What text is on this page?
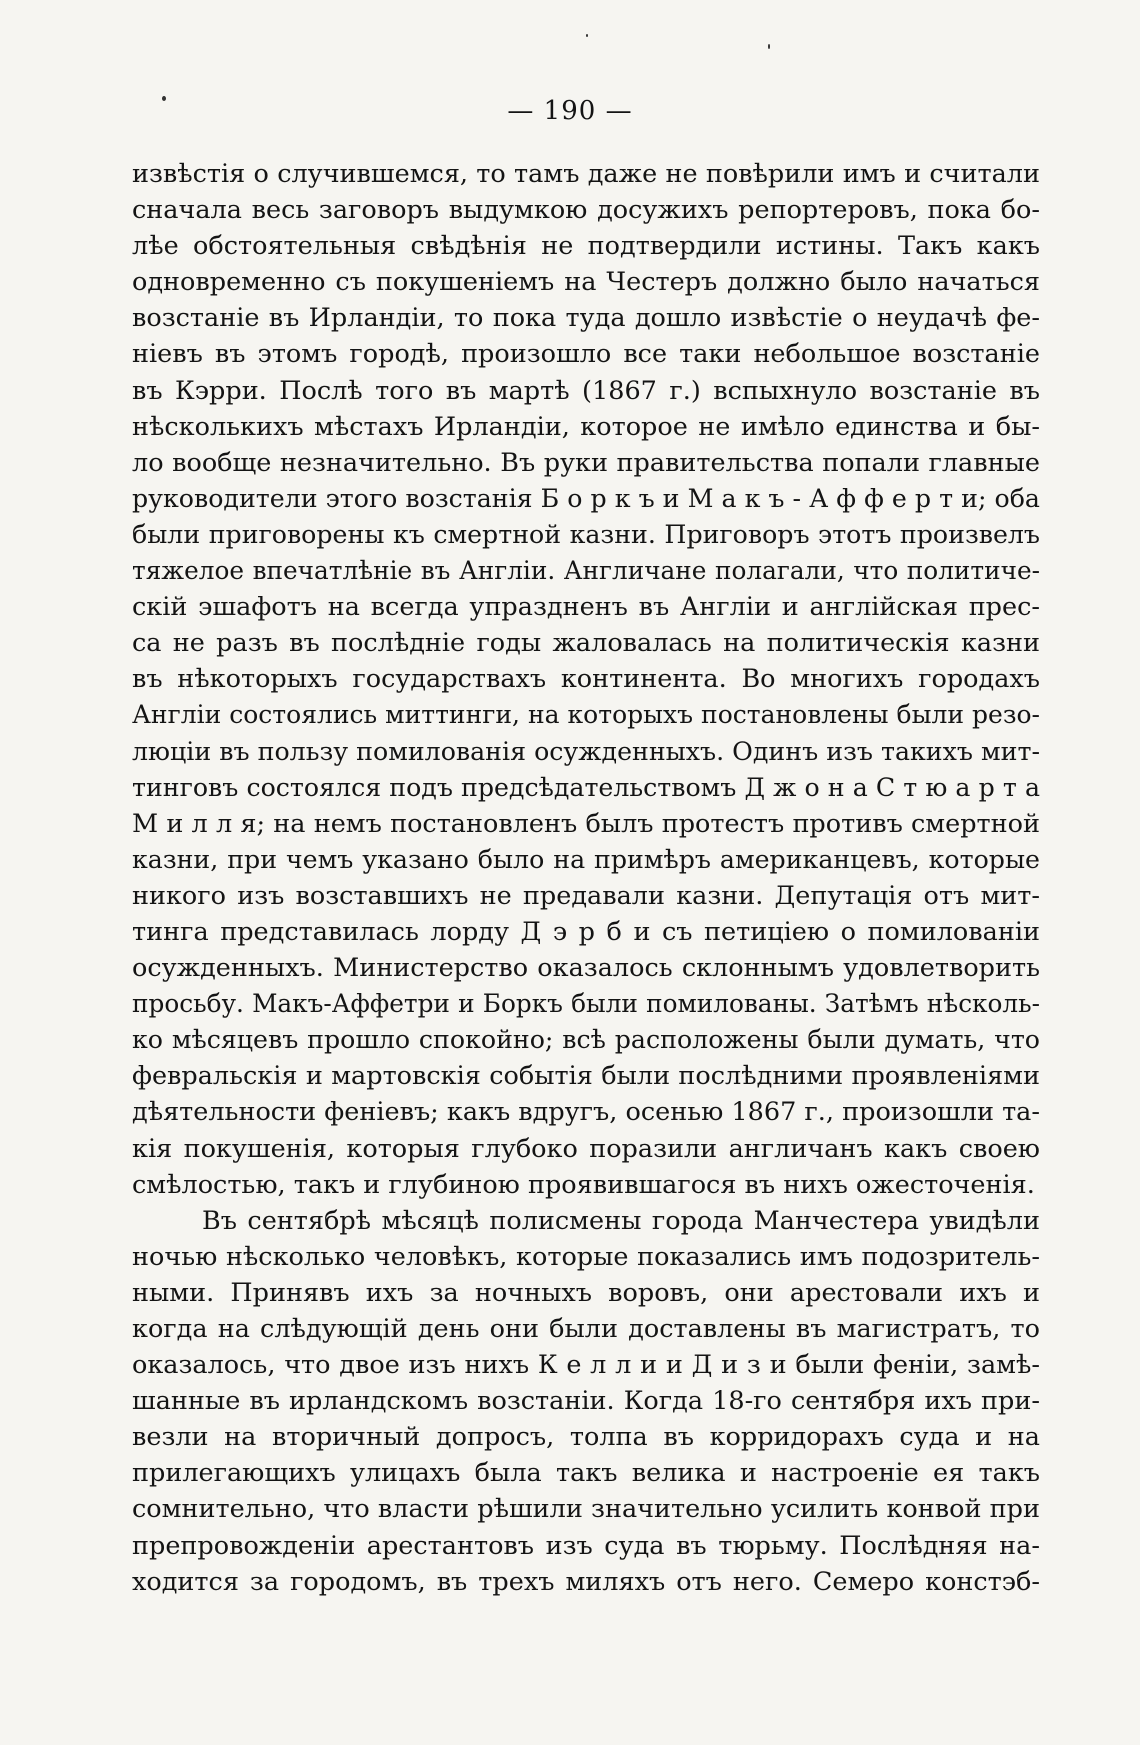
— 190 —
извѣстія о случившемся, то тамъ даже не повѣрили имъ и считали
сначала весь заговоръ выдумкою досужихъ репортеровъ, пока бо-
лѣе обстоятельныя свѣдѣнія не подтвердили истины. Такъ какъ
одновременно съ покушеніемъ на Честеръ должно было начаться
возстаніе въ Ирландіи, то пока туда дошло извѣстіе о неудачѣ фе-
ніевъ въ этомъ городѣ, произошло все таки небольшое возстаніе
въ Кэрри. Послѣ того въ мартѣ (1867 г.) вспыхнуло возстаніе въ
нѣсколькихъ мѣстахъ Ирландіи, которое не имѣло единства и бы-
ло вообще незначительно. Въ руки правительства попали главные
руководители этого возстанія Б о р к ъ и М а к ъ - А ф ф е р т и; оба
были приговорены къ смертной казни. Приговоръ этотъ произвелъ
тяжелое впечатлѣніе въ Англіи. Англичане полагали, что политиче-
скій эшафотъ на всегда упраздненъ въ Англіи и англійская прес-
са не разъ въ послѣдніе годы жаловалась на политическія казни
въ нѣкоторыхъ государствахъ континента. Во многихъ городахъ
Англіи состоялись миттинги, на которыхъ постановлены были резо-
люціи въ пользу помилованія осужденныхъ. Одинъ изъ такихъ мит-
тинговъ состоялся подъ предсѣдательствомъ Д ж о н а С т ю а р т а
М и л л я; на немъ постановленъ былъ протестъ противъ смертной
казни, при чемъ указано было на примѣръ американцевъ, которые
никого изъ возставшихъ не предавали казни. Депутація отъ мит-
тинга представилась лорду Д э р б и съ петиціею о помилованіи
осужденныхъ. Министерство оказалось склоннымъ удовлетворить
просьбу. Макъ-Аффетри и Боркъ были помилованы. Затѣмъ нѣсколь-
ко мѣсяцевъ прошло спокойно; всѣ расположены были думать, что
февральскія и мартовскія событія были послѣдними проявленіями
дѣятельности феніевъ; какъ вдругъ, осенью 1867 г., произошли та-
кія покушенія, которыя глубоко поразили англичанъ какъ своею
смѣлостью, такъ и глубиною проявившагося въ нихъ ожесточенія.
Въ сентябрѣ мѣсяцѣ полисмены города Манчестера увидѣли
ночью нѣсколько человѣкъ, которые показались имъ подозритель-
ными. Принявъ ихъ за ночныхъ воровъ, они арестовали ихъ и
когда на слѣдующій день они были доставлены въ магистратъ, то
оказалось, что двое изъ нихъ К е л л и и Д и з и были феніи, замѣ-
шанные въ ирландскомъ возстаніи. Когда 18-го сентября ихъ при-
везли на вторичный допросъ, толпа въ корридорахъ суда и на
прилегающихъ улицахъ была такъ велика и настроеніе ея такъ
сомнительно, что власти рѣшили значительно усилить конвой при
препровожденіи арестантовъ изъ суда въ тюрьму. Послѣдняя на-
ходится за городомъ, въ трехъ миляхъ отъ него. Семеро констэб-
